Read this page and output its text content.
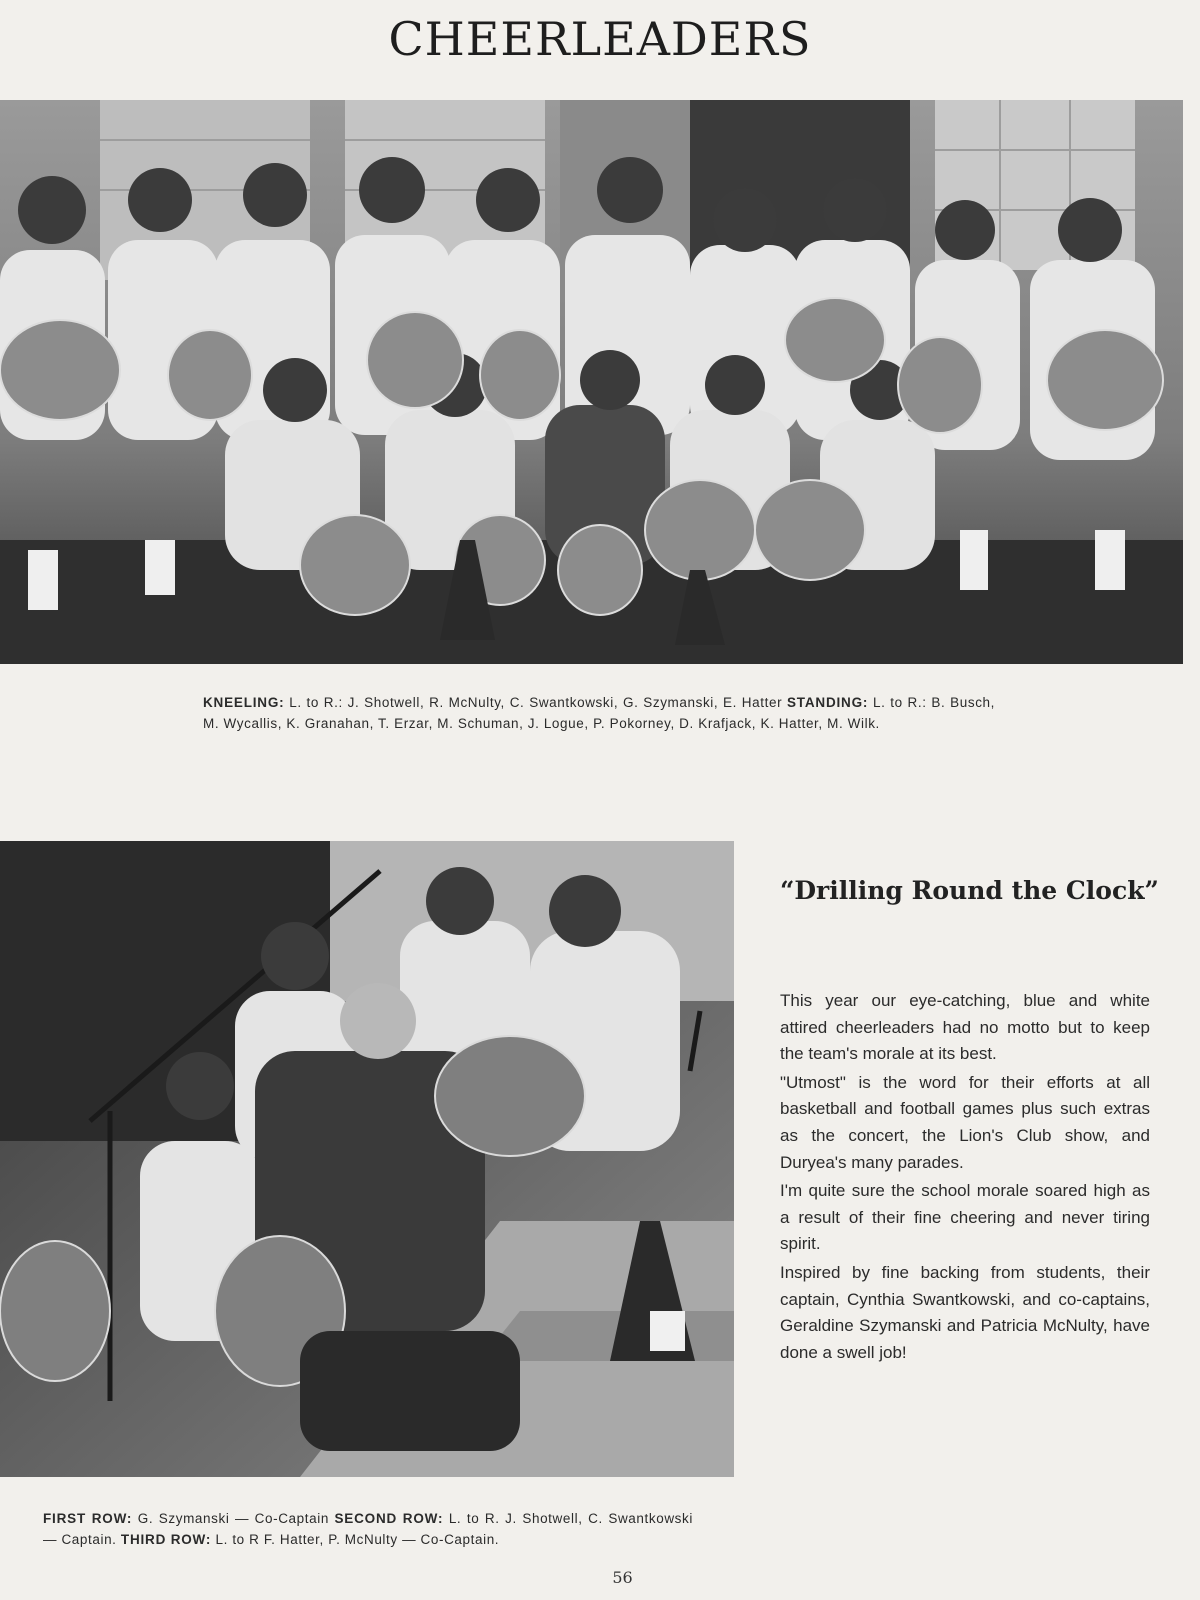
CHEERLEADERS
KNEELING: L. to R.: J. Shotwell, R. McNulty, C. Swantkowski, G. Szymanski, E. Hatter STANDING: L. to R.: B. Busch, M. Wycallis, K. Granahan, T. Erzar, M. Schuman, J. Logue, P. Pokorney, D. Krafjack, K. Hatter, M. Wilk.
FIRST ROW: G. Szymanski — Co-Captain SECOND ROW: L. to R. J. Shotwell, C. Swantkowski — Captain. THIRD ROW: L. to R F. Hatter, P. McNulty — Co-Captain.
“Drilling Round the Clock”

This year our eye-catching, blue and white attired cheerleaders had no motto but to keep the team's morale at its best.

"Utmost" is the word for their efforts at all basketball and football games plus such extras as the concert, the Lion's Club show, and Duryea's many parades.

I'm quite sure the school morale soared high as a result of their fine cheering and never tiring spirit.

Inspired by fine backing from students, their captain, Cynthia Swantkowski, and co-captains, Geraldine Szymanski and Patricia McNulty, have done a swell job!

56
